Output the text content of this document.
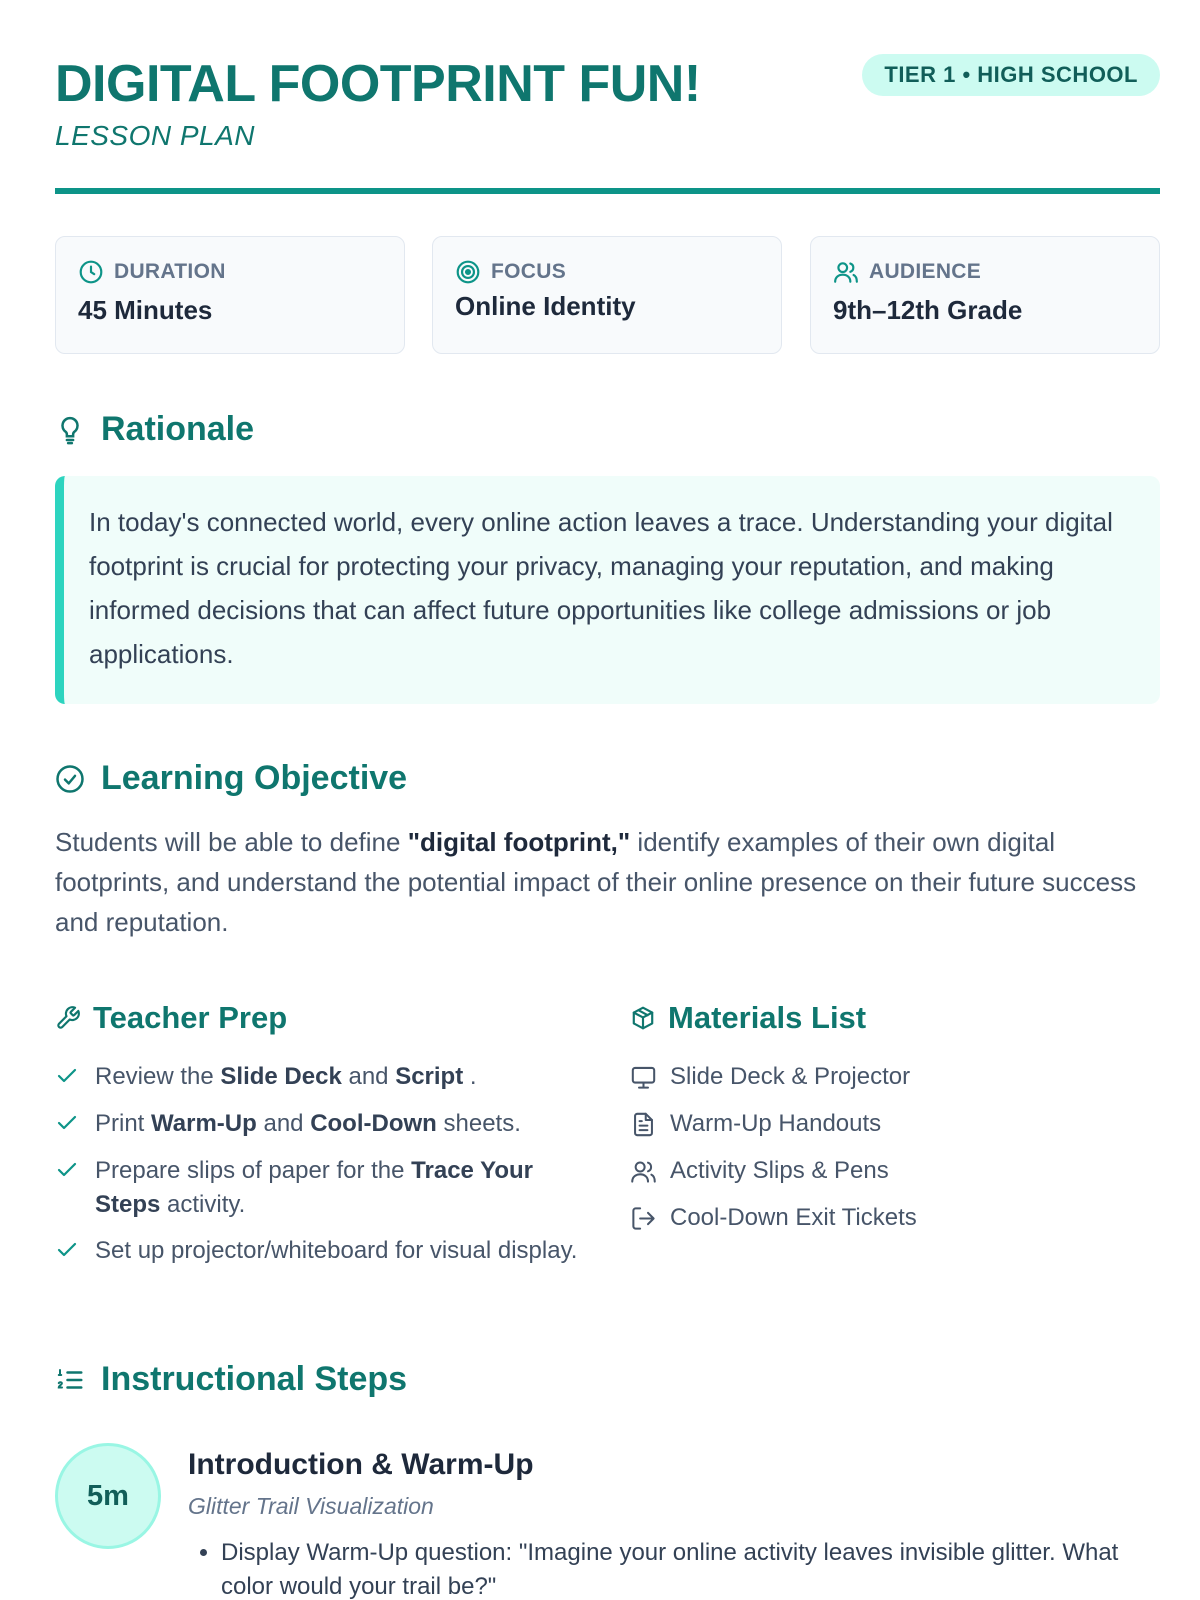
DIGITAL FOOTPRINT FUN!
LESSON PLAN
TIER 1 • HIGH SCHOOL
DURATION
45 Minutes
FOCUS
Online Identity
AUDIENCE
9th–12th Grade
Rationale
In today's connected world, every online action leaves a trace. Understanding your digital footprint is crucial for protecting your privacy, managing your reputation, and making informed decisions that can affect future opportunities like college admissions or job applications.
Learning Objective
Students will be able to define "digital footprint," identify examples of their own digital footprints, and understand the potential impact of their online presence on their future success and reputation.
Teacher Prep
Review the Slide Deck and Script .
Print Warm-Up and Cool-Down sheets.
Prepare slips of paper for the Trace Your Steps activity.
Set up projector/whiteboard for visual display.
Materials List
Slide Deck & Projector
Warm-Up Handouts
Activity Slips & Pens
Cool-Down Exit Tickets
Instructional Steps
5m
Introduction & Warm-Up
Glitter Trail Visualization
• Display Warm-Up question: "Imagine your online activity leaves invisible glitter. What color would your trail be?"
